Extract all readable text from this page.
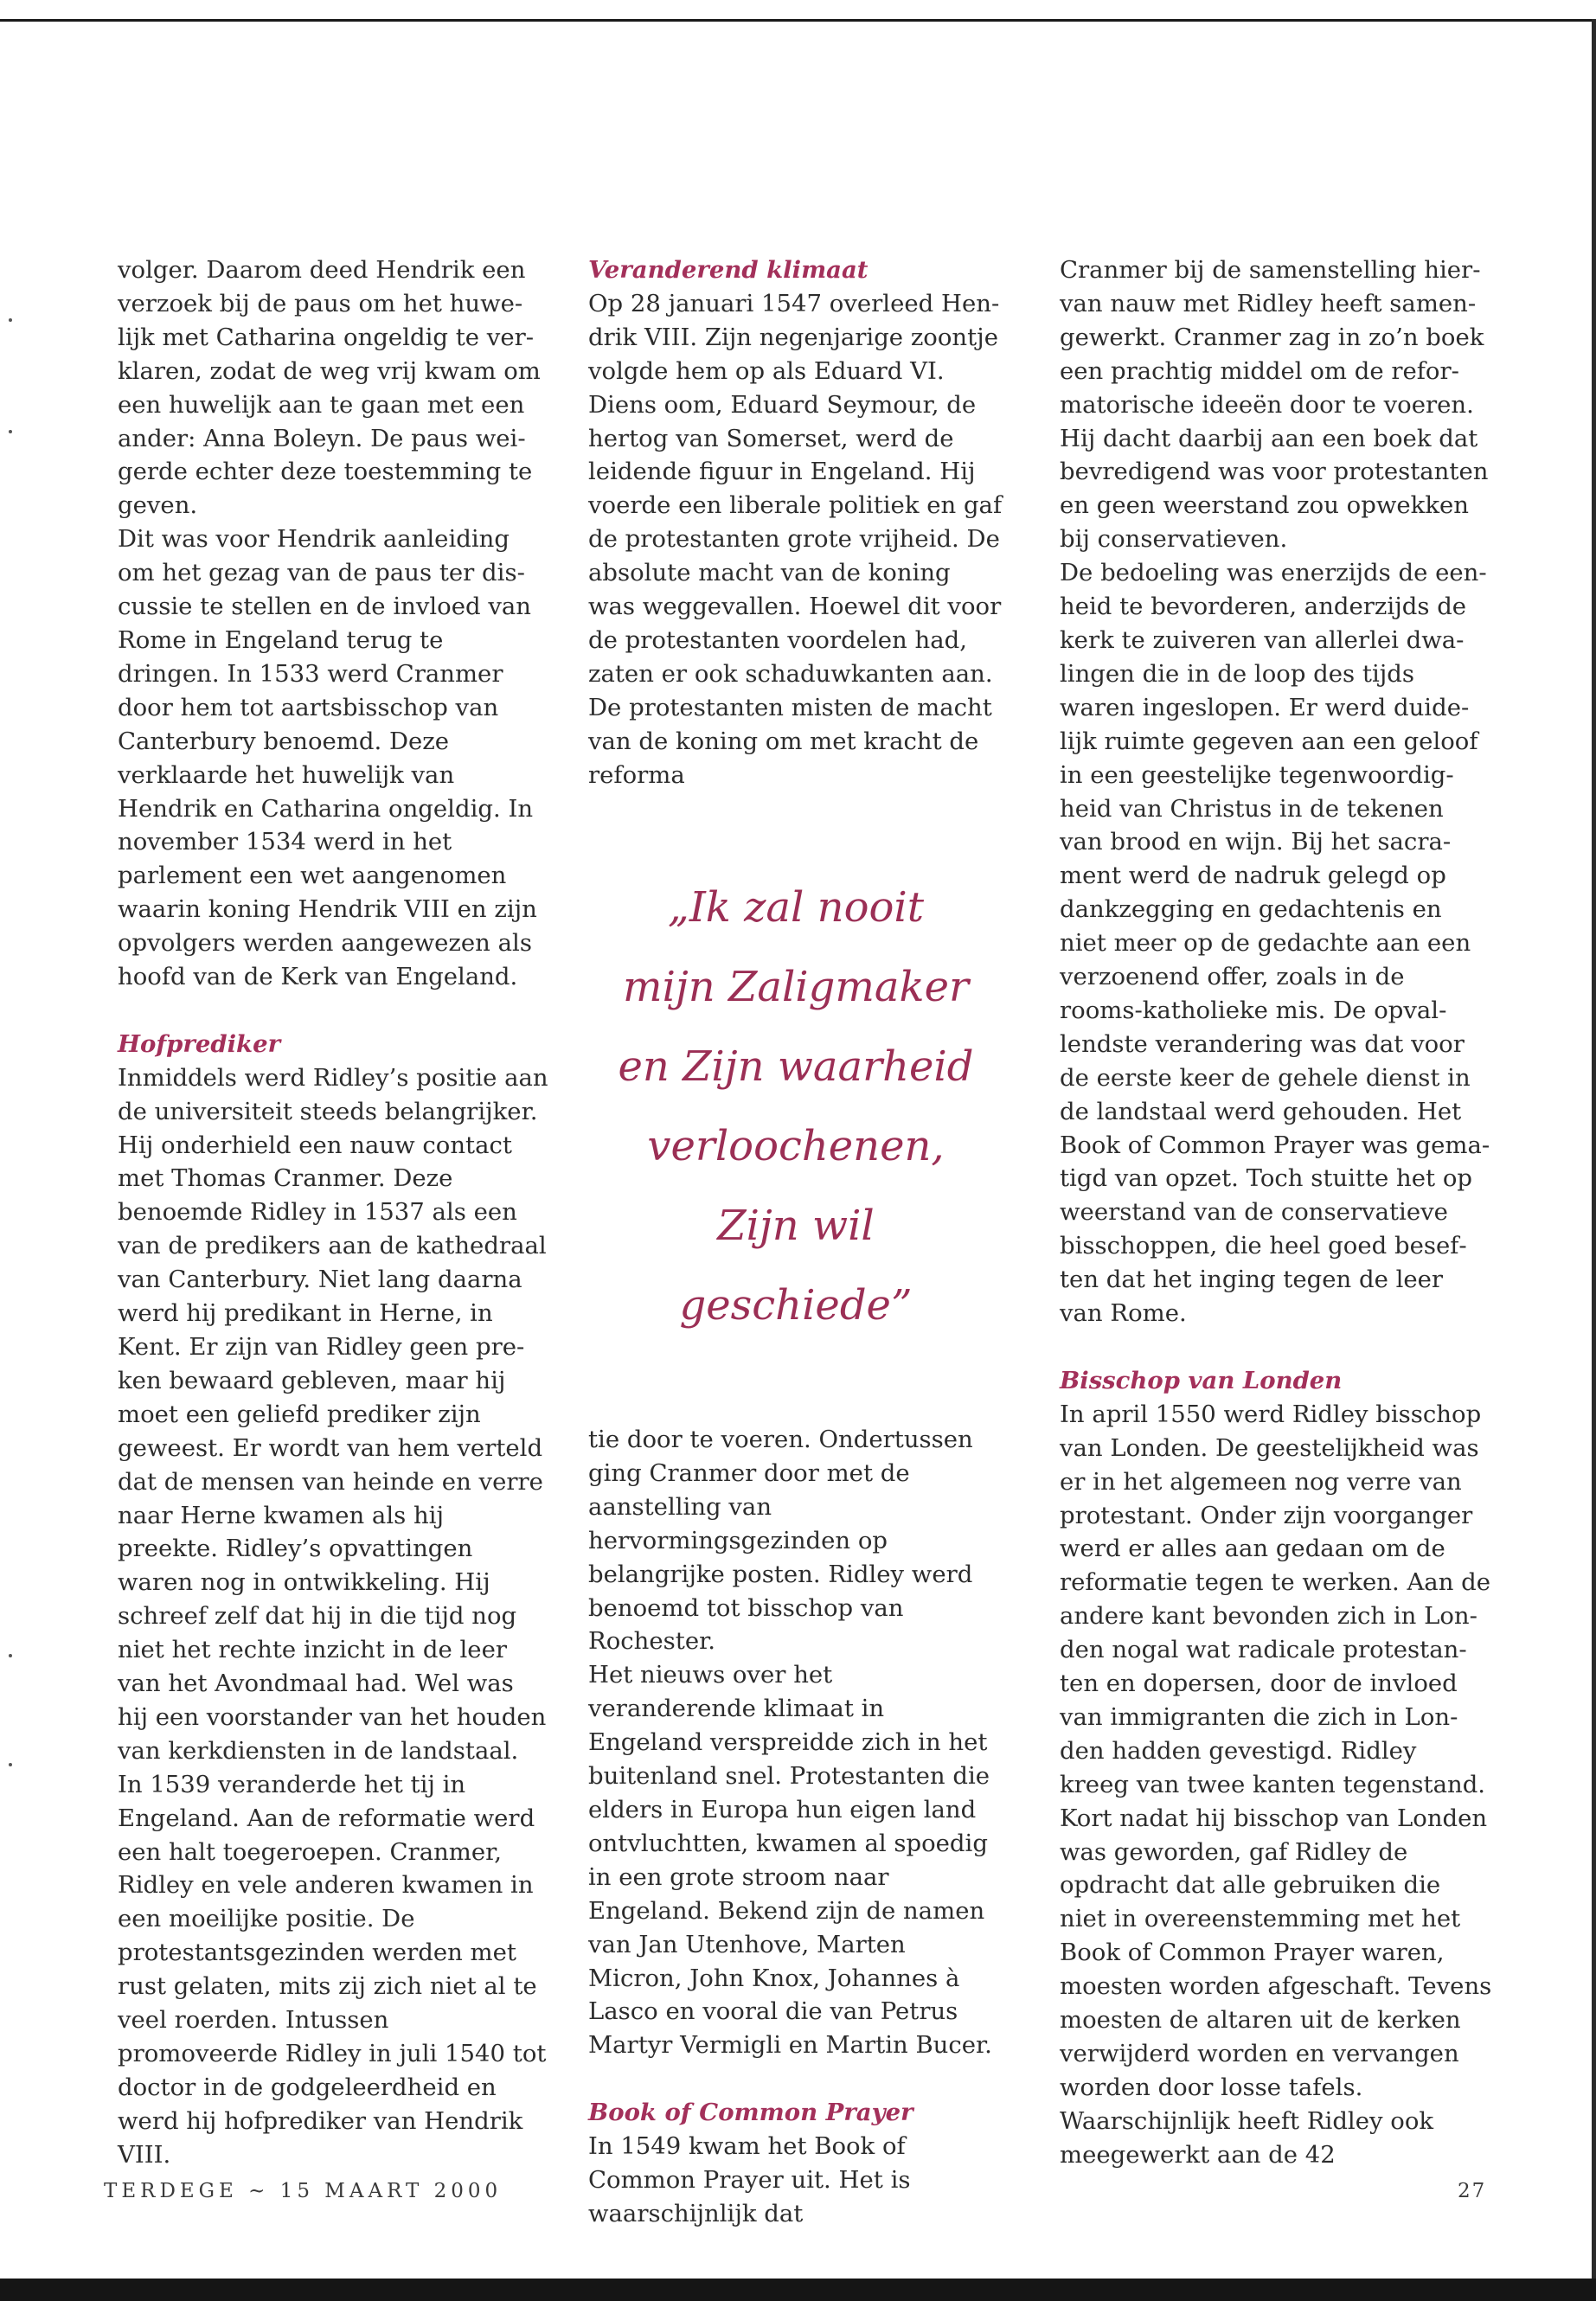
volger. Daarom deed Hendrik een verzoek bij de paus om het huwelijk met Catharina ongeldig te verklaren, zodat de weg vrij kwam om een huwelijk aan te gaan met een ander: Anna Boleyn. De paus weigerde echter deze toestemming te geven.

Dit was voor Hendrik aanleiding om het gezag van de paus ter discussie te stellen en de invloed van Rome in Engeland terug te dringen. In 1533 werd Cranmer door hem tot aartsbisschop van Canterbury benoemd. Deze verklaarde het huwelijk van Hendrik en Catharina ongeldig. In november 1534 werd in het parlement een wet aangenomen waarin koning Hendrik VIII en zijn opvolgers werden aangewezen als hoofd van de Kerk van Engeland.

Hofprediker

Inmiddels werd Ridley’s positie aan de universiteit steeds belangrijker. Hij onderhield een nauw contact met Thomas Cranmer. Deze benoemde Ridley in 1537 als een van de predikers aan de kathedraal van Canterbury. Niet lang daarna werd hij predikant in Herne, in Kent. Er zijn van Ridley geen preken bewaard gebleven, maar hij moet een geliefd prediker zijn geweest. Er wordt van hem verteld dat de mensen van heinde en verre naar Herne kwamen als hij preekte. Ridley’s opvattingen waren nog in ontwikkeling. Hij schreef zelf dat hij in die tijd nog niet het rechte inzicht in de leer van het Avondmaal had. Wel was hij een voorstander van het houden van kerkdiensten in de landstaal. In 1539 veranderde het tij in Engeland. Aan de reformatie werd een halt toegeroepen. Cranmer, Ridley en vele anderen kwamen in een moeilijke positie. De protestantsgezinden werden met rust gelaten, mits zij zich niet al te veel roerden. Intussen promoveerde Ridley in juli 1540 tot doctor in de godgeleerdheid en werd hij hofprediker van Hendrik VIII.

Veranderend klimaat

Op 28 januari 1547 overleed Hendrik VIII. Zijn negenjarige zoontje volgde hem op als Eduard VI. Diens oom, Eduard Seymour, de hertog van Somerset, werd de leidende figuur in Engeland. Hij voerde een liberale politiek en gaf de protestanten grote vrijheid. De absolute macht van de koning was weggevallen. Hoewel dit voor de protestanten voordelen had, zaten er ook schaduwkanten aan. De protestanten misten de macht van de koning om met kracht de reforma

„Ik zal nooit
mijn Zaligmaker
en Zijn waarheid
verloochenen,
Zijn wil
geschiede”

tie door te voeren. Ondertussen ging Cranmer door met de aanstelling van hervormingsgezinden op belangrijke posten. Ridley werd benoemd tot bisschop van Rochester.

Het nieuws over het veranderende klimaat in Engeland verspreidde zich in het buitenland snel. Protestanten die elders in Europa hun eigen land ontvluchtten, kwamen al spoedig in een grote stroom naar Engeland. Bekend zijn de namen van Jan Utenhove, Marten Micron, John Knox, Johannes à Lasco en vooral die van Petrus Martyr Vermigli en Martin Bucer.

Book of Common Prayer

In 1549 kwam het Book of Common Prayer uit. Het is waarschijnlijk dat

Cranmer bij de samenstelling hiervan nauw met Ridley heeft samengewerkt. Cranmer zag in zo’n boek een prachtig middel om de reformatorische ideeën door te voeren. Hij dacht daarbij aan een boek dat bevredigend was voor protestanten en geen weerstand zou opwekken bij conservatieven.

De bedoeling was enerzijds de eenheid te bevorderen, anderzijds de kerk te zuiveren van allerlei dwalingen die in de loop des tijds waren ingeslopen. Er werd duidelijk ruimte gegeven aan een geloof in een geestelijke tegenwoordigheid van Christus in de tekenen van brood en wijn. Bij het sacrament werd de nadruk gelegd op dankzegging en gedachtenis en niet meer op de gedachte aan een verzoenend offer, zoals in de rooms-katholieke mis. De opvallendste verandering was dat voor de eerste keer de gehele dienst in de landstaal werd gehouden. Het Book of Common Prayer was gematigd van opzet. Toch stuitte het op weerstand van de conservatieve bisschoppen, die heel goed beseften dat het inging tegen de leer van Rome.

Bisschop van Londen

In april 1550 werd Ridley bisschop van Londen. De geestelijkheid was er in het algemeen nog verre van protestant. Onder zijn voorganger werd er alles aan gedaan om de reformatie tegen te werken. Aan de andere kant bevonden zich in Londen nogal wat radicale protestanten en dopersen, door de invloed van immigranten die zich in Londen hadden gevestigd. Ridley kreeg van twee kanten tegenstand.

Kort nadat hij bisschop van Londen was geworden, gaf Ridley de opdracht dat alle gebruiken die niet in overeenstemming met het Book of Common Prayer waren, moesten worden afgeschaft. Tevens moesten de altaren uit de kerken verwijderd worden en vervangen worden door losse tafels. Waarschijnlijk heeft Ridley ook meegewerkt aan de 42

TERDEGE ~ 15 MAART 2000	27
